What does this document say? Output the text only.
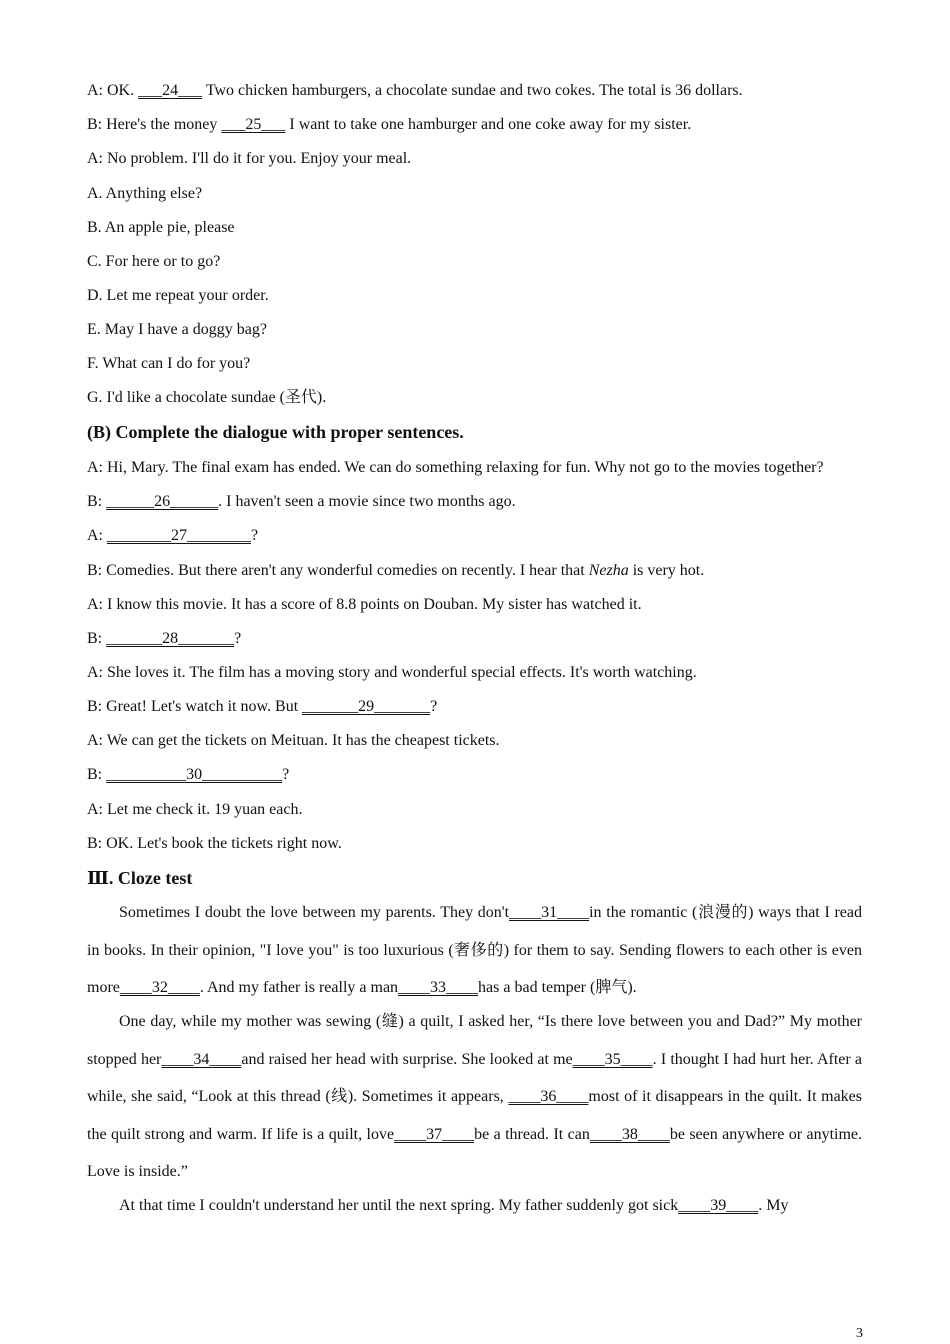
A: OK. ___24___ Two chicken hamburgers, a chocolate sundae and two cokes. The total is 36 dollars.
B: Here's the money ___25___ I want to take one hamburger and one coke away for my sister.
A: No problem. I'll do it for you. Enjoy your meal.
A. Anything else?
B. An apple pie, please
C. For here or to go?
D. Let me repeat your order.
E. May I have a doggy bag?
F. What can I do for you?
G. I'd like a chocolate sundae (圣代).
(B) Complete the dialogue with proper sentences.
A: Hi, Mary. The final exam has ended. We can do something relaxing for fun. Why not go to the movies together?
B: ______26______. I haven't seen a movie since two months ago.
A: ________27________?
B: Comedies. But there aren't any wonderful comedies on recently. I hear that Nezha is very hot.
A: I know this movie. It has a score of 8.8 points on Douban. My sister has watched it.
B: _______28_______?
A: She loves it. The film has a moving story and wonderful special effects. It's worth watching.
B: Great! Let's watch it now. But _______29_______?
A: We can get the tickets on Meituan. It has the cheapest tickets.
B: __________30__________?
A: Let me check it. 19 yuan each.
B: OK. Let's book the tickets right now.
Ⅲ. Cloze test
Sometimes I doubt the love between my parents. They don't____31____in the romantic (浪漫的) ways that I read in books. In their opinion, "I love you" is too luxurious (奢侈的) for them to say. Sending flowers to each other is even more____32____. And my father is really a man____33____has a bad temper (脾气).
One day, while my mother was sewing (缝) a quilt, I asked her, “Is there love between you and Dad?” My mother stopped her____34____and raised her head with surprise. She looked at me____35____. I thought I had hurt her. After a while, she said, “Look at this thread (线). Sometimes it appears, ____36____most of it disappears in the quilt. It makes the quilt strong and warm. If life is a quilt, love____37____be a thread. It can____38____be seen anywhere or anytime. Love is inside.”
At that time I couldn't understand her until the next spring. My father suddenly got sick____39____. My
3
